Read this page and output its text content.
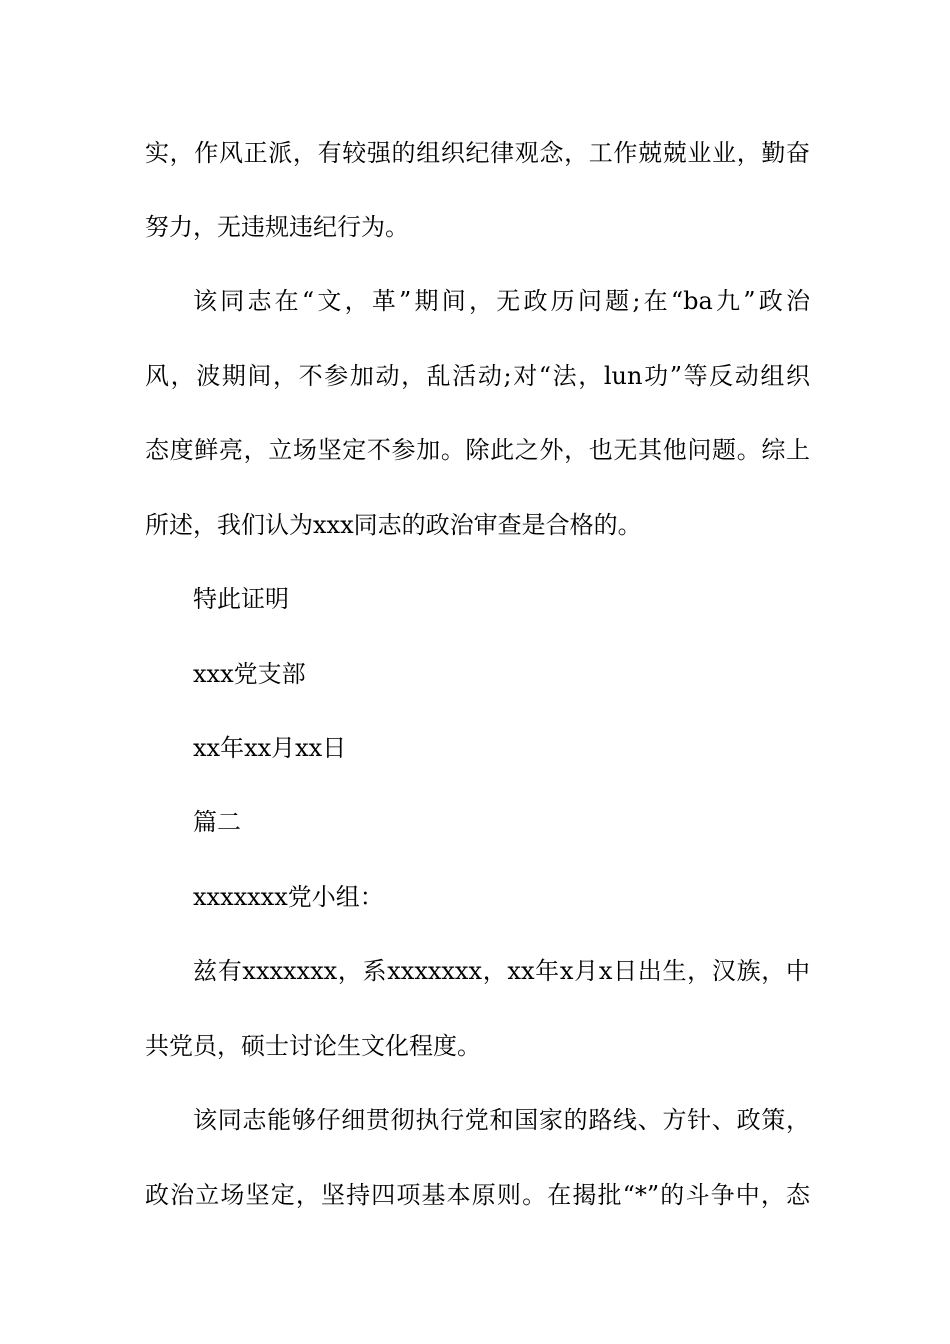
实，作风正派，有较强的组织纪律观念，工作兢兢业业，勤奋
努力，无违规违纪行为。
该同志在“文，革”期间，无政历问题;在“ba九”政治
风，波期间，不参加动，乱活动;对“法，lun功”等反动组织
态度鲜亮，立场坚定不参加。除此之外，也无其他问题。综上
所述，我们认为xxx同志的政治审查是合格的。
特此证明
xxx党支部
xx年xx月xx日
篇二
xxxxxxx党小组：
兹有xxxxxxx，系xxxxxxx，xx年x月x日出生，汉族，中
共党员，硕士讨论生文化程度。
该同志能够仔细贯彻执行党和国家的路线、方针、政策，
政治立场坚定，坚持四项基本原则。在揭批“*”的斗争中，态
